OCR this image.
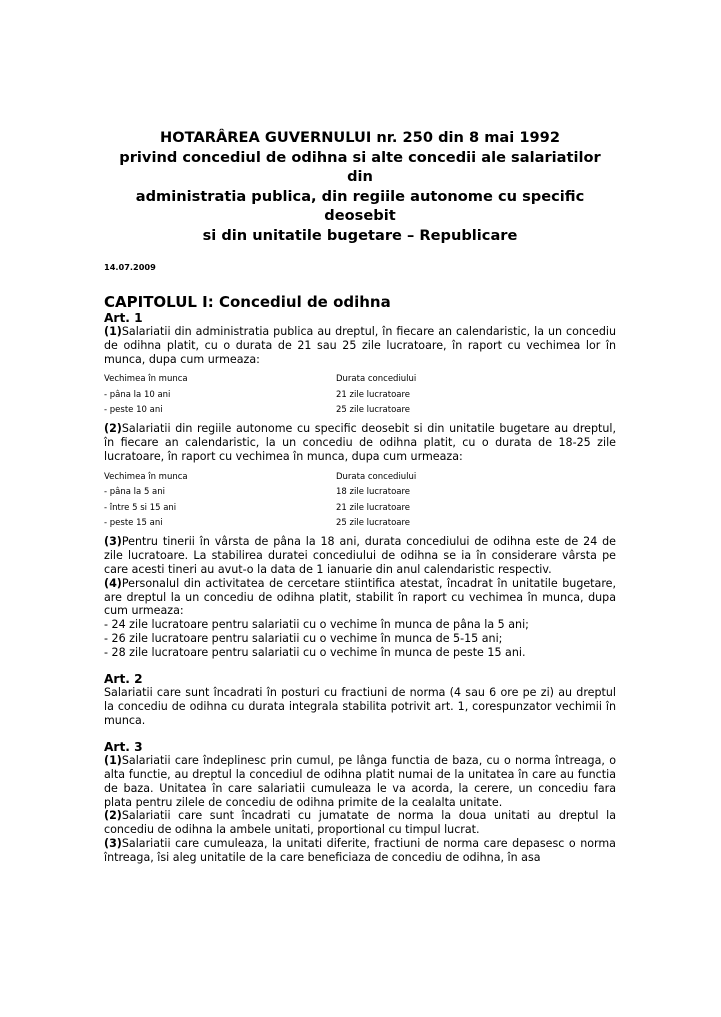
HOTARÂREA GUVERNULUI nr. 250 din 8 mai 1992
privind concediul de odihna si alte concedii ale salariatilor din
administratia publica, din regiile autonome cu specific deosebit
si din unitatile bugetare – Republicare
14.07.2009
CAPITOLUL I: Concediul de odihna
Art. 1

(1)Salariatii din administratia publica au dreptul, în fiecare an calendaristic, la un concediu de odihna platit, cu o durata de 21 sau 25 zile lucratoare, în raport cu vechimea lor în munca, dupa cum urmeaza:

Vechimea în munca	Durata concediului
- pâna la 10 ani	21 zile lucratoare
- peste 10 ani	25 zile lucratoare

(2)Salariatii din regiile autonome cu specific deosebit si din unitatile bugetare au dreptul, în fiecare an calendaristic, la un concediu de odihna platit, cu o durata de 18-25 zile lucratoare, în raport cu vechimea în munca, dupa cum urmeaza:

Vechimea în munca	Durata concediului
- pâna la 5 ani	18 zile lucratoare
- între 5 si 15 ani	21 zile lucratoare
- peste 15 ani	25 zile lucratoare

(3)Pentru tinerii în vârsta de pâna la 18 ani, durata concediului de odihna este de 24 de zile lucratoare. La stabilirea duratei concediului de odihna se ia în considerare vârsta pe care acesti tineri au avut-o la data de 1 ianuarie din anul calendaristic respectiv.

(4)Personalul din activitatea de cercetare stiintifica atestat, încadrat în unitatile bugetare, are dreptul la un concediu de odihna platit, stabilit în raport cu vechimea în munca, dupa cum urmeaza:

- 24 zile lucratoare pentru salariatii cu o vechime în munca de pâna la 5 ani;

- 26 zile lucratoare pentru salariatii cu o vechime în munca de 5-15 ani;

- 28 zile lucratoare pentru salariatii cu o vechime în munca de peste 15 ani.

Art. 2

Salariatii care sunt încadrati în posturi cu fractiuni de norma (4 sau 6 ore pe zi) au dreptul la concediu de odihna cu durata integrala stabilita potrivit art. 1, corespunzator vechimii în munca.

Art. 3

(1)Salariatii care îndeplinesc prin cumul, pe lânga functia de baza, cu o norma întreaga, o alta functie, au dreptul la concediul de odihna platit numai de la unitatea în care au functia de baza. Unitatea în care salariatii cumuleaza le va acorda, la cerere, un concediu fara plata pentru zilele de concediu de odihna primite de la cealalta unitate.

(2)Salariatii care sunt încadrati cu jumatate de norma la doua unitati au dreptul la concediu de odihna la ambele unitati, proportional cu timpul lucrat.

(3)Salariatii care cumuleaza, la unitati diferite, fractiuni de norma care depasesc o norma întreaga, îsi aleg unitatile de la care beneficiaza de concediu de odihna, în asa
